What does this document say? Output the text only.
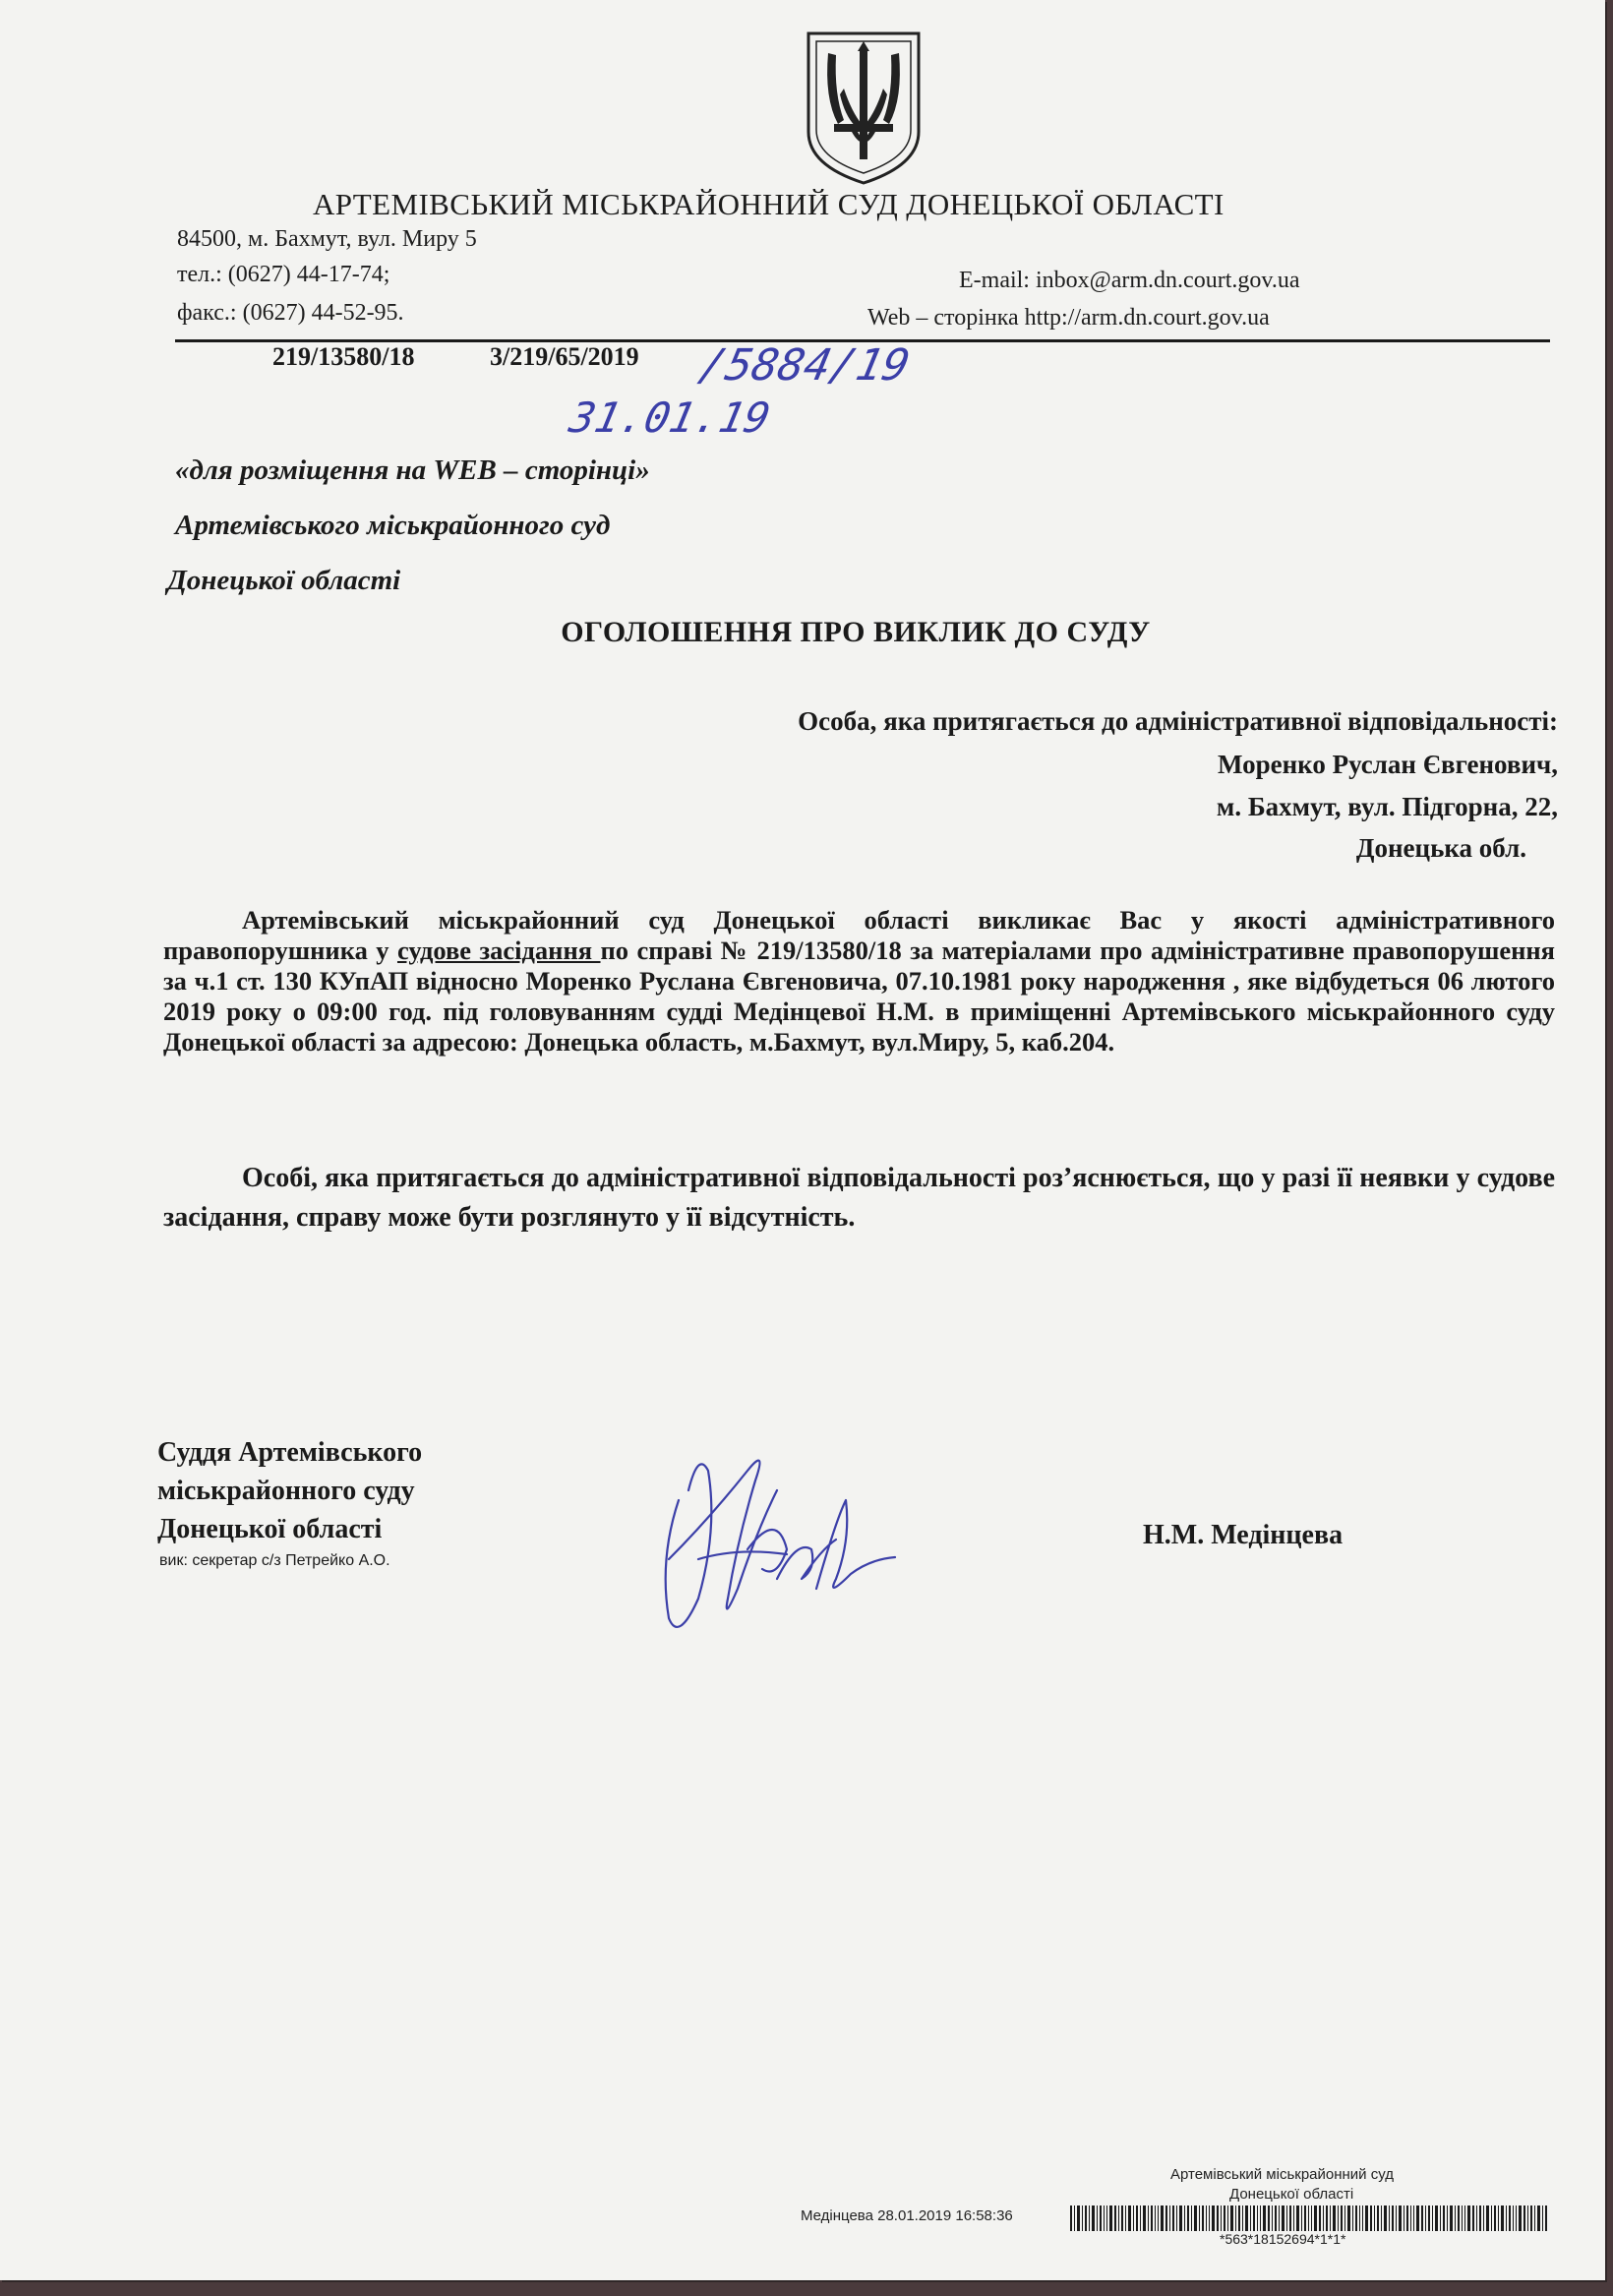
АРТЕМІВСЬКИЙ МІСЬКРАЙОННИЙ СУД ДОНЕЦЬКОЇ ОБЛАСТІ
84500, м. Бахмут, вул. Миру 5
тел.: (0627) 44-17-74;
факс.: (0627) 44-52-95.
E-mail: inbox@arm.dn.court.gov.ua
Web – сторінка http://arm.dn.court.gov.ua
219/13580/18	3/219/65/2019 /5884/19
31.01.19
«для розміщення на WEB – сторінці»
Артемівського міськрайонного суд
Донецької області
ОГОЛОШЕННЯ ПРО ВИКЛИК ДО СУДУ
Особа, яка притягається до адміністративної відповідальності:
Моренко Руслан Євгенович,
м. Бахмут, вул. Підгорна, 22,
Донецька обл.
Артемівський міськрайонний суд Донецької області викликає Вас у якості адміністративного правопорушника у судове засідання по справі № 219/13580/18 за матеріалами про адміністративне правопорушення за ч.1 ст. 130 КУпАП відносно Моренко Руслана Євгеновича, 07.10.1981 року народження , яке відбудеться 06 лютого 2019 року о 09:00 год. під головуванням судді Медінцевої Н.М. в приміщенні Артемівського міськрайонного суду Донецької області за адресою: Донецька область, м.Бахмут, вул.Миру, 5, каб.204.
Особі, яка притягається до адміністративної відповідальності роз’яснюється, що у разі її неявки у судове засідання, справу може бути розглянуто у її відсутність.
Суддя Артемівського
міськрайонного суду
Донецької області
вик: секретар с/з Петрейко А.О.
Н.М. Медінцева
Артемівський міськрайонний суд
Донецької області
Медінцева 28.01.2019 16:58:36
*563*18152694*1*1*
